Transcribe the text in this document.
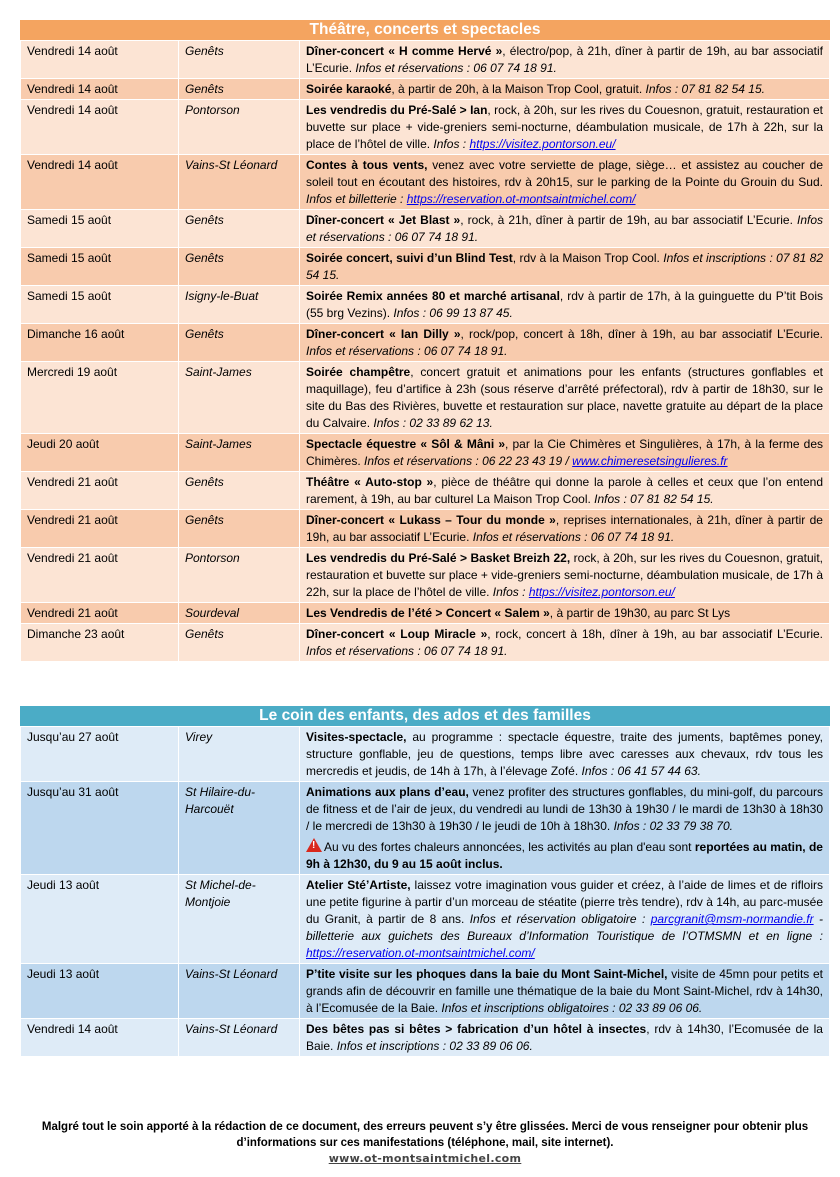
Théâtre, concerts et spectacles
Vendredi 14 août	Genêts	Dîner-concert « H comme Hervé », électro/pop, à 21h, dîner à partir de 19h, au bar associatif L’Ecurie. Infos et réservations : 06 07 74 18 91.
Vendredi 14 août	Genêts	Soirée karaoké, à partir de 20h, à la Maison Trop Cool, gratuit. Infos : 07 81 82 54 15.
Vendredi 14 août	Pontorson	Les vendredis du Pré-Salé > Ian, rock, à 20h, sur les rives du Couesnon, gratuit, restauration et buvette sur place + vide-greniers semi-nocturne, déambulation musicale, de 17h à 22h, sur la place de l’hôtel de ville. Infos : https://visitez.pontorson.eu/
Vendredi 14 août	Vains-St Léonard	Contes à tous vents, venez avec votre serviette de plage, siège… et assistez au coucher de soleil tout en écoutant des histoires, rdv à 20h15, sur le parking de la Pointe du Grouin du Sud. Infos et billetterie : https://reservation.ot-montsaintmichel.com/
Samedi 15 août	Genêts	Dîner-concert « Jet Blast », rock, à 21h, dîner à partir de 19h, au bar associatif L’Ecurie. Infos et réservations : 06 07 74 18 91.
Samedi 15 août	Genêts	Soirée concert, suivi d’un Blind Test, rdv à la Maison Trop Cool. Infos et inscriptions : 07 81 82 54 15.
Samedi 15 août	Isigny-le-Buat	Soirée Remix années 80 et marché artisanal, rdv à partir de 17h, à la guinguette du P’tit Bois (55 brg Vezins). Infos : 06 99 13 87 45.
Dimanche 16 août	Genêts	Dîner-concert « Ian Dilly », rock/pop, concert à 18h, dîner à 19h, au bar associatif L’Ecurie. Infos et réservations : 06 07 74 18 91.
Mercredi 19 août	Saint-James	Soirée champêtre, concert gratuit et animations pour les enfants (structures gonflables et maquillage), feu d’artifice à 23h (sous réserve d’arrêté préfectoral), rdv à partir de 18h30, sur le site du Bas des Rivières, buvette et restauration sur place, navette gratuite au départ de la place du Calvaire. Infos : 02 33 89 62 13.
Jeudi 20 août	Saint-James	Spectacle équestre « Sôl & Mâni », par la Cie Chimères et Singulières, à 17h, à la ferme des Chimères. Infos et réservations : 06 22 23 43 19 / www.chimeresetsingulieres.fr
Vendredi 21 août	Genêts	Théâtre « Auto-stop », pièce de théâtre qui donne la parole à celles et ceux que l’on entend rarement, à 19h, au bar culturel La Maison Trop Cool. Infos : 07 81 82 54 15.
Vendredi 21 août	Genêts	Dîner-concert « Lukass – Tour du monde », reprises internationales, à 21h, dîner à partir de 19h, au bar associatif L’Ecurie. Infos et réservations : 06 07 74 18 91.
Vendredi 21 août	Pontorson	Les vendredis du Pré-Salé > Basket Breizh 22, rock, à 20h, sur les rives du Couesnon, gratuit, restauration et buvette sur place + vide-greniers semi-nocturne, déambulation musicale, de 17h à 22h, sur la place de l’hôtel de ville. Infos : https://visitez.pontorson.eu/
Vendredi 21 août	Sourdeval	Les Vendredis de l’été > Concert « Salem », à partir de 19h30, au parc St Lys
Dimanche 23 août	Genêts	Dîner-concert « Loup Miracle », rock, concert à 18h, dîner à 19h, au bar associatif L’Ecurie. Infos et réservations : 06 07 74 18 91.
Le coin des enfants, des ados et des familles
Jusqu’au 27 août	Virey	Visites-spectacle, au programme : spectacle équestre, traite des juments, baptêmes poney, structure gonflable, jeu de questions, temps libre avec caresses aux chevaux, rdv tous les mercredis et jeudis, de 14h à 17h, à l’élevage Zofé. Infos : 06 41 57 44 63.
Jusqu’au 31 août	St Hilaire-du-Harcouët	Animations aux plans d’eau, venez profiter des structures gonflables, du mini-golf, du parcours de fitness et de l’air de jeux, du vendredi au lundi de 13h30 à 19h30 / le mardi de 13h30 à 18h30 / le mercredi de 13h30 à 19h30 / le jeudi de 10h à 18h30. Infos : 02 33 79 38 70.
! Au vu des fortes chaleurs annoncées, les activités au plan d'eau sont reportées au matin, de 9h à 12h30, du 9 au 15 août inclus.

Jeudi 13 août	St Michel-de-Montjoie	Atelier Sté’Artiste, laissez votre imagination vous guider et créez, à l’aide de limes et de rifloirs une petite figurine à partir d’un morceau de stéatite (pierre très tendre), rdv à 14h, au parc-musée du Granit, à partir de 8 ans. Infos et réservation obligatoire : parcgranit@msm-normandie.fr - billetterie aux guichets des Bureaux d’Information Touristique de l’OTMSMN et en ligne : https://reservation.ot-montsaintmichel.com/
Jeudi 13 août	Vains-St Léonard	P’tite visite sur les phoques dans la baie du Mont Saint-Michel, visite de 45mn pour petits et grands afin de découvrir en famille une thématique de la baie du Mont Saint-Michel, rdv à 14h30, à l’Ecomusée de la Baie. Infos et inscriptions obligatoires : 02 33 89 06 06.
Vendredi 14 août	Vains-St Léonard	Des bêtes pas si bêtes > fabrication d’un hôtel à insectes, rdv à 14h30, l’Ecomusée de la Baie. Infos et inscriptions : 02 33 89 06 06.
Malgré tout le soin apporté à la rédaction de ce document, des erreurs peuvent s’y être glissées. Merci de vous renseigner pour obtenir plus d’informations sur ces manifestations (téléphone, mail, site internet).
www.ot-montsaintmichel.com
